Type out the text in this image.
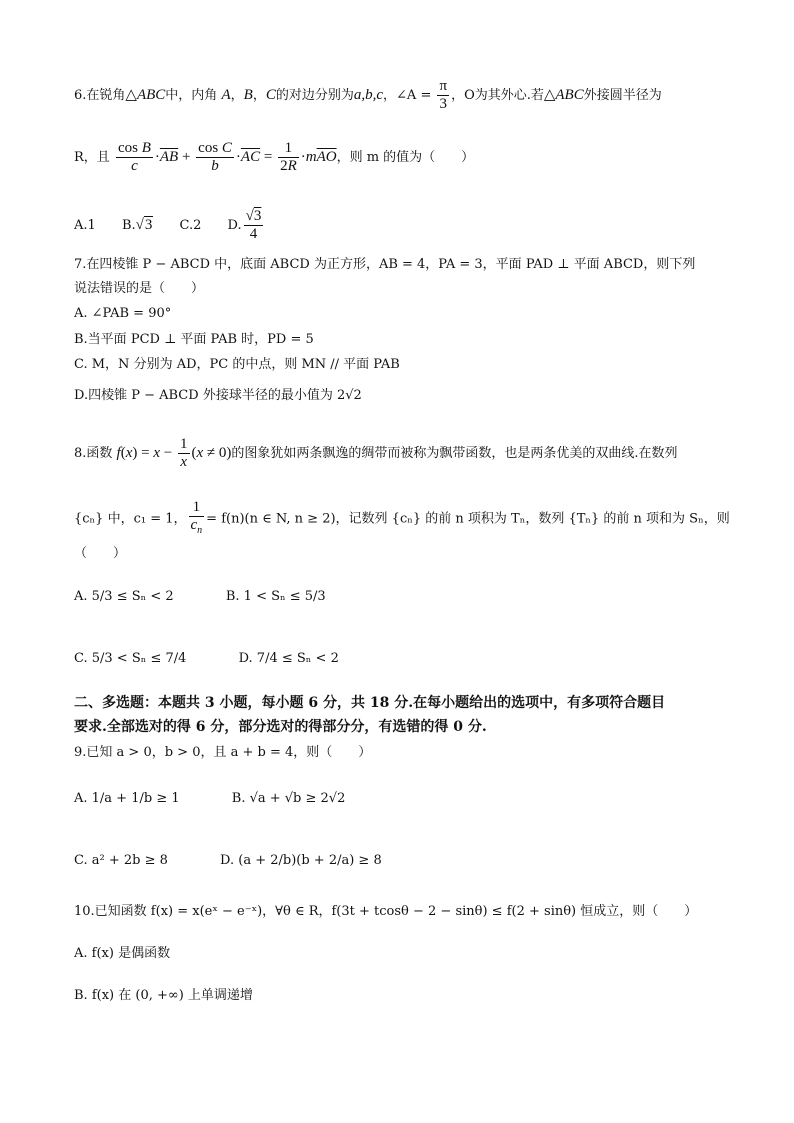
6.在锐角△ABC中，内角 A，B，C的对边分别为a,b,c，∠A = $\frac{\pi}{3}$ ，O为其外心.若△ABC外接圆半径为
R，且 $\frac{\text{cos B}}{c} \cdot\overline{AB} + \frac{\text{cos C}}{b} \cdot\overline{AC} = \frac{1}{2R} \cdot m\overline{AO}$，则 m 的值为（　　）
A.1 B.√3 C.2 D. $\frac{√3}{4}$
7.在四棱锥 P − ABCD 中，底面 ABCD 为正方形，AB = 4，PA = 3，平面 PAD ⊥ 平面 ABCD，则下列
说法错误的是（　　）
A. ∠PAB = 90°
B.当平面 PCD ⊥ 平面 PAB 时，PD = 5
C. M，N 分别为 AD，PC 的中点，则 MN // 平面 PAB
D.四棱锥 P − ABCD 外接球半径的最小值为 2√2
8.函数 $f(x) = x - \frac{1}{x} (x \ne 0)$的图象犹如两条飘逸的绸带而被称为飘带函数，也是两条优美的双曲线.在数列
{cₙ} 中，c₁ = 1， $\frac{1}{c_n} = f(n)(n$ ∈ N, n ≥ 2)，记数列 {cₙ} 的前 n 项积为 Tₙ，数列 {Tₙ} 的前 n 项和为 Sₙ，则
（　　）
A. 5/3 ≤ Sₙ < 2	B. 1 < Sₙ ≤ 5/3
C. 5/3 < Sₙ ≤ 7/4	D. 7/4 ≤ Sₙ < 2
二、多选题：本题共 3 小题，每小题 6 分，共 18 分.在每小题给出的选项中，有多项符合题目
要求.全部选对的得 6 分，部分选对的得部分分，有选错的得 0 分.
9.已知 a > 0，b > 0，且 a + b = 4，则（　　）
A. 1/a + 1/b ≥ 1	B. √a + √b ≥ 2√2
C. a² + 2b ≥ 8	D. (a + 2/b)(b + 2/a) ≥ 8
10.已知函数 f(x) = x(eˣ − e⁻ˣ)，∀θ ∈ R，f(3t + tcosθ − 2 − sinθ) ≤ f(2 + sinθ) 恒成立，则（　　）
A. f(x) 是偶函数
B. f(x) 在 (0, +∞) 上单调递增
